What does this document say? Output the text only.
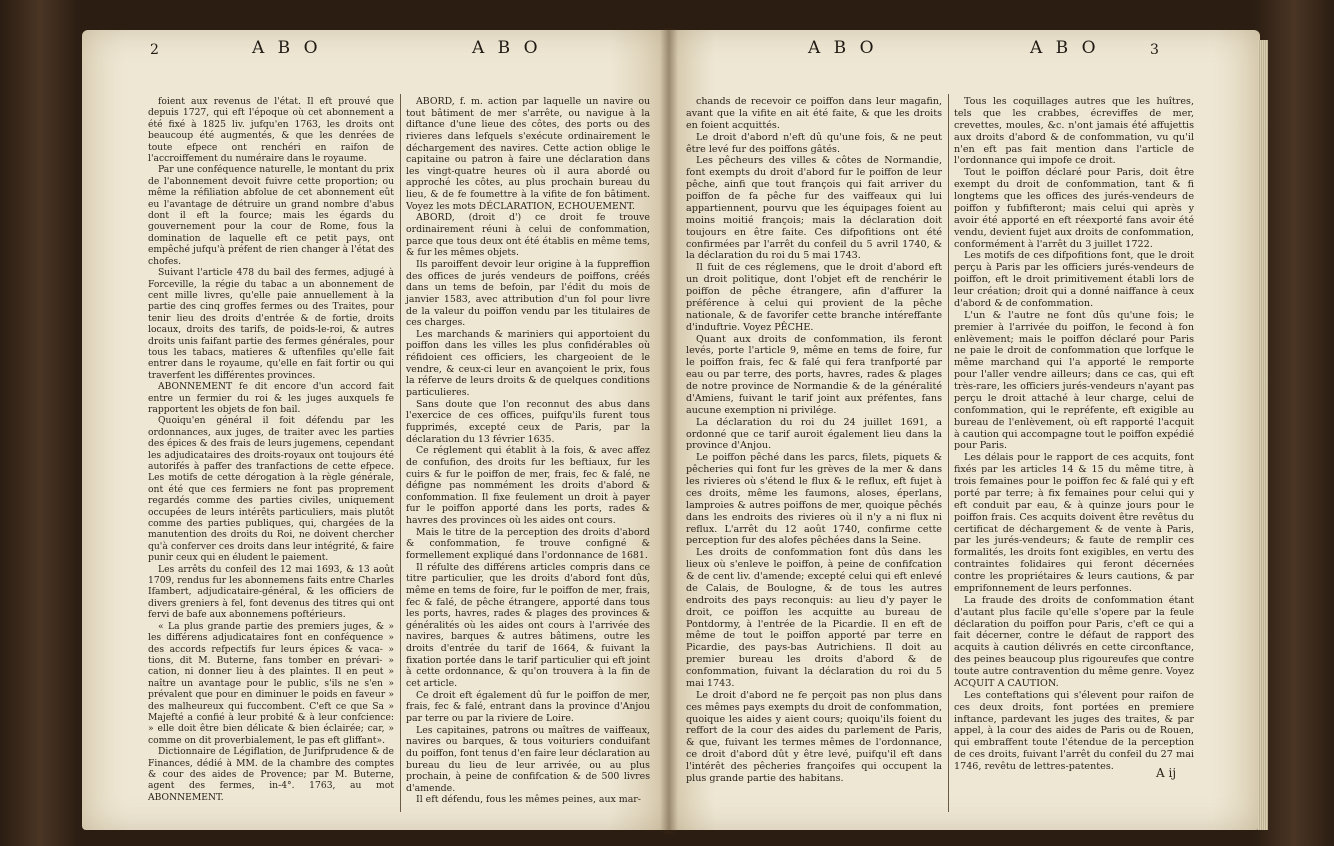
2	A B O	A B O	A B O	A B O	3

foient aux revenus de l'état. Il eft prouvé que depuis 1727, qui eft l'époque où cet abonnement a été fixé à 1825 liv. jufqu'en 1763, les droits ont beaucoup été augmentés, & que les denrées de toute efpece ont renchéri en raifon de l'accroiffement du numéraire dans le royaume.

Par une conféquence naturelle, le montant du prix de l'abonnement devoit fuivre cette proportion; ou même la réfiliation abfolue de cet abonnement eût eu l'avantage de détruire un grand nombre d'abus dont il eft la fource; mais les égards du gouvernement pour la cour de Rome, fous la domination de laquelle eft ce petit pays, ont empêché jufqu'à préfent de rien changer à l'état des chofes.

Suivant l'article 478 du bail des fermes, adjugé à Forceville, la régie du tabac a un abonnement de cent mille livres, qu'elle paie annuellement à la partie des cinq groffes fermes ou des Traites, pour tenir lieu des droits d'entrée & de fortie, droits locaux, droits des tarifs, de poids-le-roi, & autres droits unis faifant partie des fermes générales, pour tous les tabacs, matieres & uftenfiles qu'elle fait entrer dans le royaume, qu'elle en fait fortir ou qui traverfent les différentes provinces.

ABONNEMENT fe dit encore d'un accord fait entre un fermier du roi & les juges auxquels fe rapportent les objets de fon bail.

Quoiqu'en général il foit défendu par les ordonnances, aux juges, de traiter avec les parties des épices & des frais de leurs jugemens, cependant les adjudicataires des droits-royaux ont toujours été autorifés à paffer des tranfactions de cette efpece. Les motifs de cette dérogation à la règle générale, ont été que ces fermiers ne font pas proprement regardés comme des parties civiles, uniquement occupées de leurs intérêts particuliers, mais plutôt comme des parties publiques, qui, chargées de la manutention des droits du Roi, ne doivent chercher qu'à conferver ces droits dans leur intégrité, & faire punir ceux qui en éludent le paiement.

Les arrêts du confeil des 12 mai 1693, & 13 août 1709, rendus fur les abonnemens faits entre Charles Ifambert, adjudicataire-général, & les officiers de divers greniers à fel, font devenus des titres qui ont fervi de bafe aux abonnemens poftérieurs.

« La plus grande partie des premiers juges, & » les différens adjudicataires font en conféquence » des accords refpectifs fur leurs épices & vaca- » tions, dit M. Buterne, fans tomber en prévari- » cation, ni donner lieu à des plaintes. Il en peut » naître un avantage pour le public, s'ils ne s'en » prévalent que pour en diminuer le poids en faveur » des malheureux qui fuccombent. C'eft ce que Sa » Majefté a confié à leur probité & à leur confcience: » elle doit être bien délicate & bien éclairée; car, » comme on dit proverbialement, le pas eft gliffant».

Dictionnaire de Légiflation, de Jurifprudence & de Finances, dédié à MM. de la chambre des comptes & cour des aides de Provence; par M. Buterne, agent des fermes, in-4°. 1763, au mot ABONNEMENT.

ABORD, f. m. action par laquelle un navire ou tout bâtiment de mer s'arrête, ou navigue à la diftance d'une lieue des côtes, des ports ou des rivieres dans lefquels s'exécute ordinairement le déchargement des navires. Cette action oblige le capitaine ou patron à faire une déclaration dans les vingt-quatre heures où il aura abordé ou approché les côtes, au plus prochain bureau du lieu, & de fe foumettre à la vifite de fon bâtiment. Voyez les mots DÉCLARATION, ECHOUEMENT.

ABORD, (droit d') ce droit fe trouve ordinairement réuni à celui de confommation, parce que tous deux ont été établis en même tems, & fur les mêmes objets.

Ils paroiffent devoir leur origine à la fuppreffion des offices de jurés vendeurs de poiffons, créés dans un tems de befoin, par l'édit du mois de janvier 1583, avec attribution d'un fol pour livre de la valeur du poiffon vendu par les titulaires de ces charges.

Les marchands & mariniers qui apportoient du poiffon dans les villes les plus confidérables où réfidoient ces officiers, les chargeoient de le vendre, & ceux-ci leur en avançoient le prix, fous la réferve de leurs droits & de quelques conditions particulieres.

Sans doute que l'on reconnut des abus dans l'exercice de ces offices, puifqu'ils furent tous fupprimés, excepté ceux de Paris, par la déclaration du 13 février 1635.

Ce réglement qui établit à la fois, & avec affez de confufion, des droits fur les beftiaux, fur les cuirs & fur le poiffon de mer, frais, fec & falé, ne défigne pas nommément les droits d'abord & confommation. Il fixe feulement un droit à payer fur le poiffon apporté dans les ports, rades & havres des provinces où les aides ont cours.

Mais le titre de la perception des droits d'abord & confommation, fe trouve configné & formellement expliqué dans l'ordonnance de 1681.

Il réfulte des différens articles compris dans ce titre particulier, que les droits d'abord font dûs, même en tems de foire, fur le poiffon de mer, frais, fec & falé, de pêche étrangere, apporté dans tous les ports, havres, rades & plages des provinces & généralités où les aides ont cours à l'arrivée des navires, barques & autres bâtimens, outre les droits d'entrée du tarif de 1664, & fuivant la fixation portée dans le tarif particulier qui eft joint à cette ordonnance, & qu'on trouvera à la fin de cet article.

Ce droit eft également dû fur le poiffon de mer, frais, fec & falé, entrant dans la province d'Anjou par terre ou par la riviere de Loire.

Les capitaines, patrons ou maîtres de vaiffeaux, navires ou barques, & tous voituriers conduifant du poiffon, font tenus d'en faire leur déclaration au bureau du lieu de leur arrivée, ou au plus prochain, à peine de confifcation & de 500 livres d'amende.

Il eft défendu, fous les mêmes peines, aux mar-

chands de recevoir ce poiffon dans leur magafin, avant que la vifite en ait été faite, & que les droits en foient acquittés.

Le droit d'abord n'eft dû qu'une fois, & ne peut être levé fur des poiffons gâtés.

Les pêcheurs des villes & côtes de Normandie, font exempts du droit d'abord fur le poiffon de leur pêche, ainfi que tout françois qui fait arriver du poiffon de fa pêche fur des vaiffeaux qui lui appartiennent, pourvu que les équipages foient au moins moitié françois; mais la déclaration doit toujours en être faite. Ces difpofitions ont été confirmées par l'arrêt du confeil du 5 avril 1740, & la déclaration du roi du 5 mai 1743.

Il fuit de ces réglemens, que le droit d'abord eft un droit politique, dont l'objet eft de renchérir le poiffon de pêche étrangere, afin d'affurer la préférence à celui qui provient de la pêche nationale, & de favorifer cette branche intéreffante d'induftrie. Voyez PÊCHE.

Quant aux droits de confommation, ils feront levés, porte l'article 9, même en tems de foire, fur le poiffon frais, fec & falé qui fera tranfporté par eau ou par terre, des ports, havres, rades & plages de notre province de Normandie & de la généralité d'Amiens, fuivant le tarif joint aux préfentes, fans aucune exemption ni privilége.

La déclaration du roi du 24 juillet 1691, a ordonné que ce tarif auroit également lieu dans la province d'Anjou.

Le poiffon pêché dans les parcs, filets, piquets & pêcheries qui font fur les grèves de la mer & dans les rivieres où s'étend le flux & le reflux, eft fujet à ces droits, même les faumons, aloses, éperlans, lamproies & autres poiffons de mer, quoique pêchés dans les endroits des rivieres où il n'y a ni flux ni reflux. L'arrêt du 12 août 1740, confirme cette perception fur des alofes pêchées dans la Seine.

Les droits de confommation font dûs dans les lieux où s'enleve le poiffon, à peine de confifcation & de cent liv. d'amende; excepté celui qui eft enlevé de Calais, de Boulogne, & de tous les autres endroits des pays reconquis: au lieu d'y payer le droit, ce poiffon les acquitte au bureau de Pontdormy, à l'entrée de la Picardie. Il en eft de même de tout le poiffon apporté par terre en Picardie, des pays-bas Autrichiens. Il doit au premier bureau les droits d'abord & de confommation, fuivant la déclaration du roi du 5 mai 1743.

Le droit d'abord ne fe perçoit pas non plus dans ces mêmes pays exempts du droit de confommation, quoique les aides y aient cours; quoiqu'ils foient du reffort de la cour des aides du parlement de Paris, & que, fuivant les termes mêmes de l'ordonnance, ce droit d'abord dût y être levé, puifqu'il eft dans l'intérêt des pêcheries françoifes qui occupent la plus grande partie des habitans.

Tous les coquillages autres que les huîtres, tels que les crabbes, écreviffes de mer, crevettes, moules, &c. n'ont jamais été affujettis aux droits d'abord & de confommation, vu qu'il n'en eft pas fait mention dans l'article de l'ordonnance qui impofe ce droit.

Tout le poiffon déclaré pour Paris, doit être exempt du droit de confommation, tant & fi longtems que les offices des jurés-vendeurs de poiffon y fubfifteront; mais celui qui après y avoir été apporté en eft réexporté fans avoir été vendu, devient fujet aux droits de confommation, conformément à l'arrêt du 3 juillet 1722.

Les motifs de ces difpofitions font, que le droit perçu à Paris par les officiers jurés-vendeurs de poiffon, eft le droit primitivement établi lors de leur création; droit qui a donné naiffance à ceux d'abord & de confommation.

L'un & l'autre ne font dûs qu'une fois; le premier à l'arrivée du poiffon, le fecond à fon enlèvement; mais le poiffon déclaré pour Paris ne paie le droit de confommation que lorfque le même marchand qui l'a apporté le remporte pour l'aller vendre ailleurs; dans ce cas, qui eft très-rare, les officiers jurés-vendeurs n'ayant pas perçu le droit attaché à leur charge, celui de confommation, qui le repréfente, eft exigible au bureau de l'enlèvement, où eft rapporté l'acquit à caution qui accompagne tout le poiffon expédié pour Paris.

Les délais pour le rapport de ces acquits, font fixés par les articles 14 & 15 du même titre, à trois femaines pour le poiffon fec & falé qui y eft porté par terre; à fix femaines pour celui qui y eft conduit par eau, & à quinze jours pour le poiffon frais. Ces acquits doivent être revêtus du certificat de déchargement & de vente à Paris, par les jurés-vendeurs; & faute de remplir ces formalités, les droits font exigibles, en vertu des contraintes folidaires qui feront décernées contre les propriétaires & leurs cautions, & par emprifonnement de leurs perfonnes.

La fraude des droits de confommation étant d'autant plus facile qu'elle s'opere par la feule déclaration du poiffon pour Paris, c'eft ce qui a fait décerner, contre le défaut de rapport des acquits à caution délivrés en cette circonftance, des peines beaucoup plus rigoureufes que contre toute autre contravention du même genre. Voyez ACQUIT A CAUTION.

Les conteftations qui s'élevent pour raifon de ces deux droits, font portées en premiere inftance, pardevant les juges des traites, & par appel, à la cour des aides de Paris ou de Rouen, qui embraffent toute l'étendue de la perception de ces droits, fuivant l'arrêt du confeil du 27 mai 1746, revêtu de lettres-patentes.	A ij
